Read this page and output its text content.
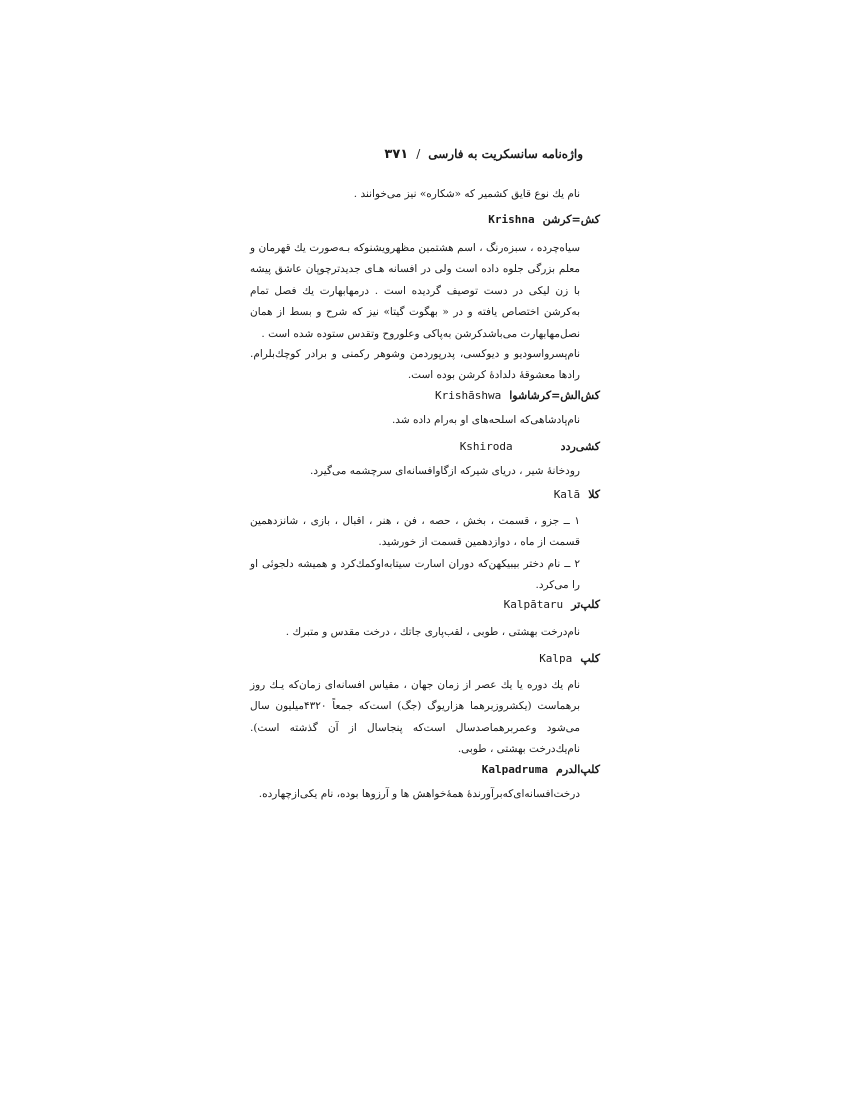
واژه‌نامه سانسکریت به فارسی
/
٣٧١

نام یك نوع قایق کشمیر که «شکاره» نیز می‌خوانند .

کش=کرشن
Krishna

سیاه‌چرده ، سبزه‌رنگ ، اسم هشتمین مظهرویشنوکه بـه‌صورت یك قهرمان و معلم بزرگی جلوه داده است ولی در افسانه هـای جدیدترچوپان عاشق پیشه با زن لیکی در دست توصیف گردیده است . درمهابهارت یك فصل تمام به‌کرشن اختصاص یافته و در « بهگوت گیتا» نیز که شرح و بسط از همان نصل‌مهابهارت می‌باشدکرشن به‌پاکی وعلوروح وتقدس ستوده شده است .

نام‌پسرواسودیو و دیوکسی، پدرپوردمن وشوهر رکمنی و برادر کوچك‌بلرام. رادها معشوقهٔ دلدادهٔ کرشن بوده است.

کش‌الش=کرشاشوا
Krishāshwa

نام‌پادشاهی‌که اسلحه‌های او به‌رام داده شد.

کشی‌ردد
Kshiroda

رودخانهٔ شیر ، دریای شیرکه ازگاوافسانه‌ای سرچشمه می‌گیرد.

کلا
Kalā

۱ ــ جزو ، قسمت ، بخش ، حصه ، فن ، هنر ، اقبال ، بازی ، شانزدهمین قسمت از ماه ، دوازدهمین قسمت از خورشید.

۲ ــ نام دختر بیبیکهن‌که دوران اسارت سیتابه‌اوکمك‌کرد و همیشه دلجوئی او را می‌کرد.

کلپ‌تر
Kalpātaru

نام‌درخت بهشتی ، طوبی ، لقب‌پاری جاتك ، درخت مقدس و متبرك .

کلپ
Kalpa

نام یك دوره یا یك عصر از زمان جهان ، مقیاس افسانه‌ای زمان‌که یـك روز برهماست (یکشروزبرهما هزاریوگ (جگ) است‌که جمعاً ۴٣۲۰میلیون سال می‌شود وعمربرهماصدسال است‌که پنجاسال از آن گذشته است). نام‌یك‌درخت بهشتی ، طوبی.

کلپ‌الدرم
Kalpadruma

درخت‌افسانه‌ای‌که‌برآورندهٔ همهٔ‌خواهش ها و آرزوها بوده، نام یکی‌ازچهارده.
